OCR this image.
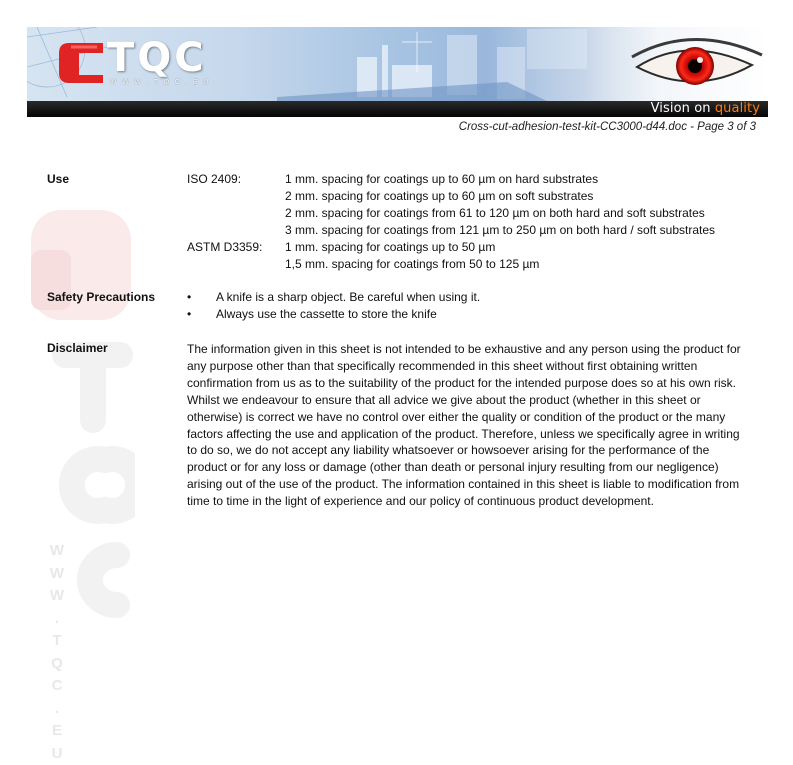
W
W
W
.
T
Q
C
.
E
U
TQC
WWW.TQC.EU
Vision on quality
Cross-cut-adhesion-test-kit-CC3000-d44.doc - Page 3 of 3
Use	ISO 2409:	1 mm. spacing for coatings up to 60 µm on hard substrates
2 mm. spacing for coatings up to 60 µm on soft substrates
2 mm. spacing for coatings from 61 to 120 µm on both hard and soft substrates
3 mm. spacing for coatings from 121 µm to 250 µm on both hard / soft substrates
ASTM D3359: 1 mm. spacing for coatings up to 50 µm
1,5 mm. spacing for coatings from 50 to 125 µm
Safety Precautions	• A knife is a sharp object. Be careful when using it.
• Always use the cassette to store the knife
Disclaimer	The information given in this sheet is not intended to be exhaustive and any person using the product for any purpose other than that specifically recommended in this sheet without first obtaining written confirmation from us as to the suitability of the product for the intended purpose does so at his own risk. Whilst we endeavour to ensure that all advice we give about the product (whether in this sheet or otherwise) is correct we have no control over either the quality or condition of the product or the many factors affecting the use and application of the product. Therefore, unless we specifically agree in writing to do so, we do not accept any liability whatsoever or howsoever arising for the performance of the product or for any loss or damage (other than death or personal injury resulting from our negligence) arising out of the use of the product. The information contained in this sheet is liable to modification from time to time in the light of experience and our policy of continuous product development.
